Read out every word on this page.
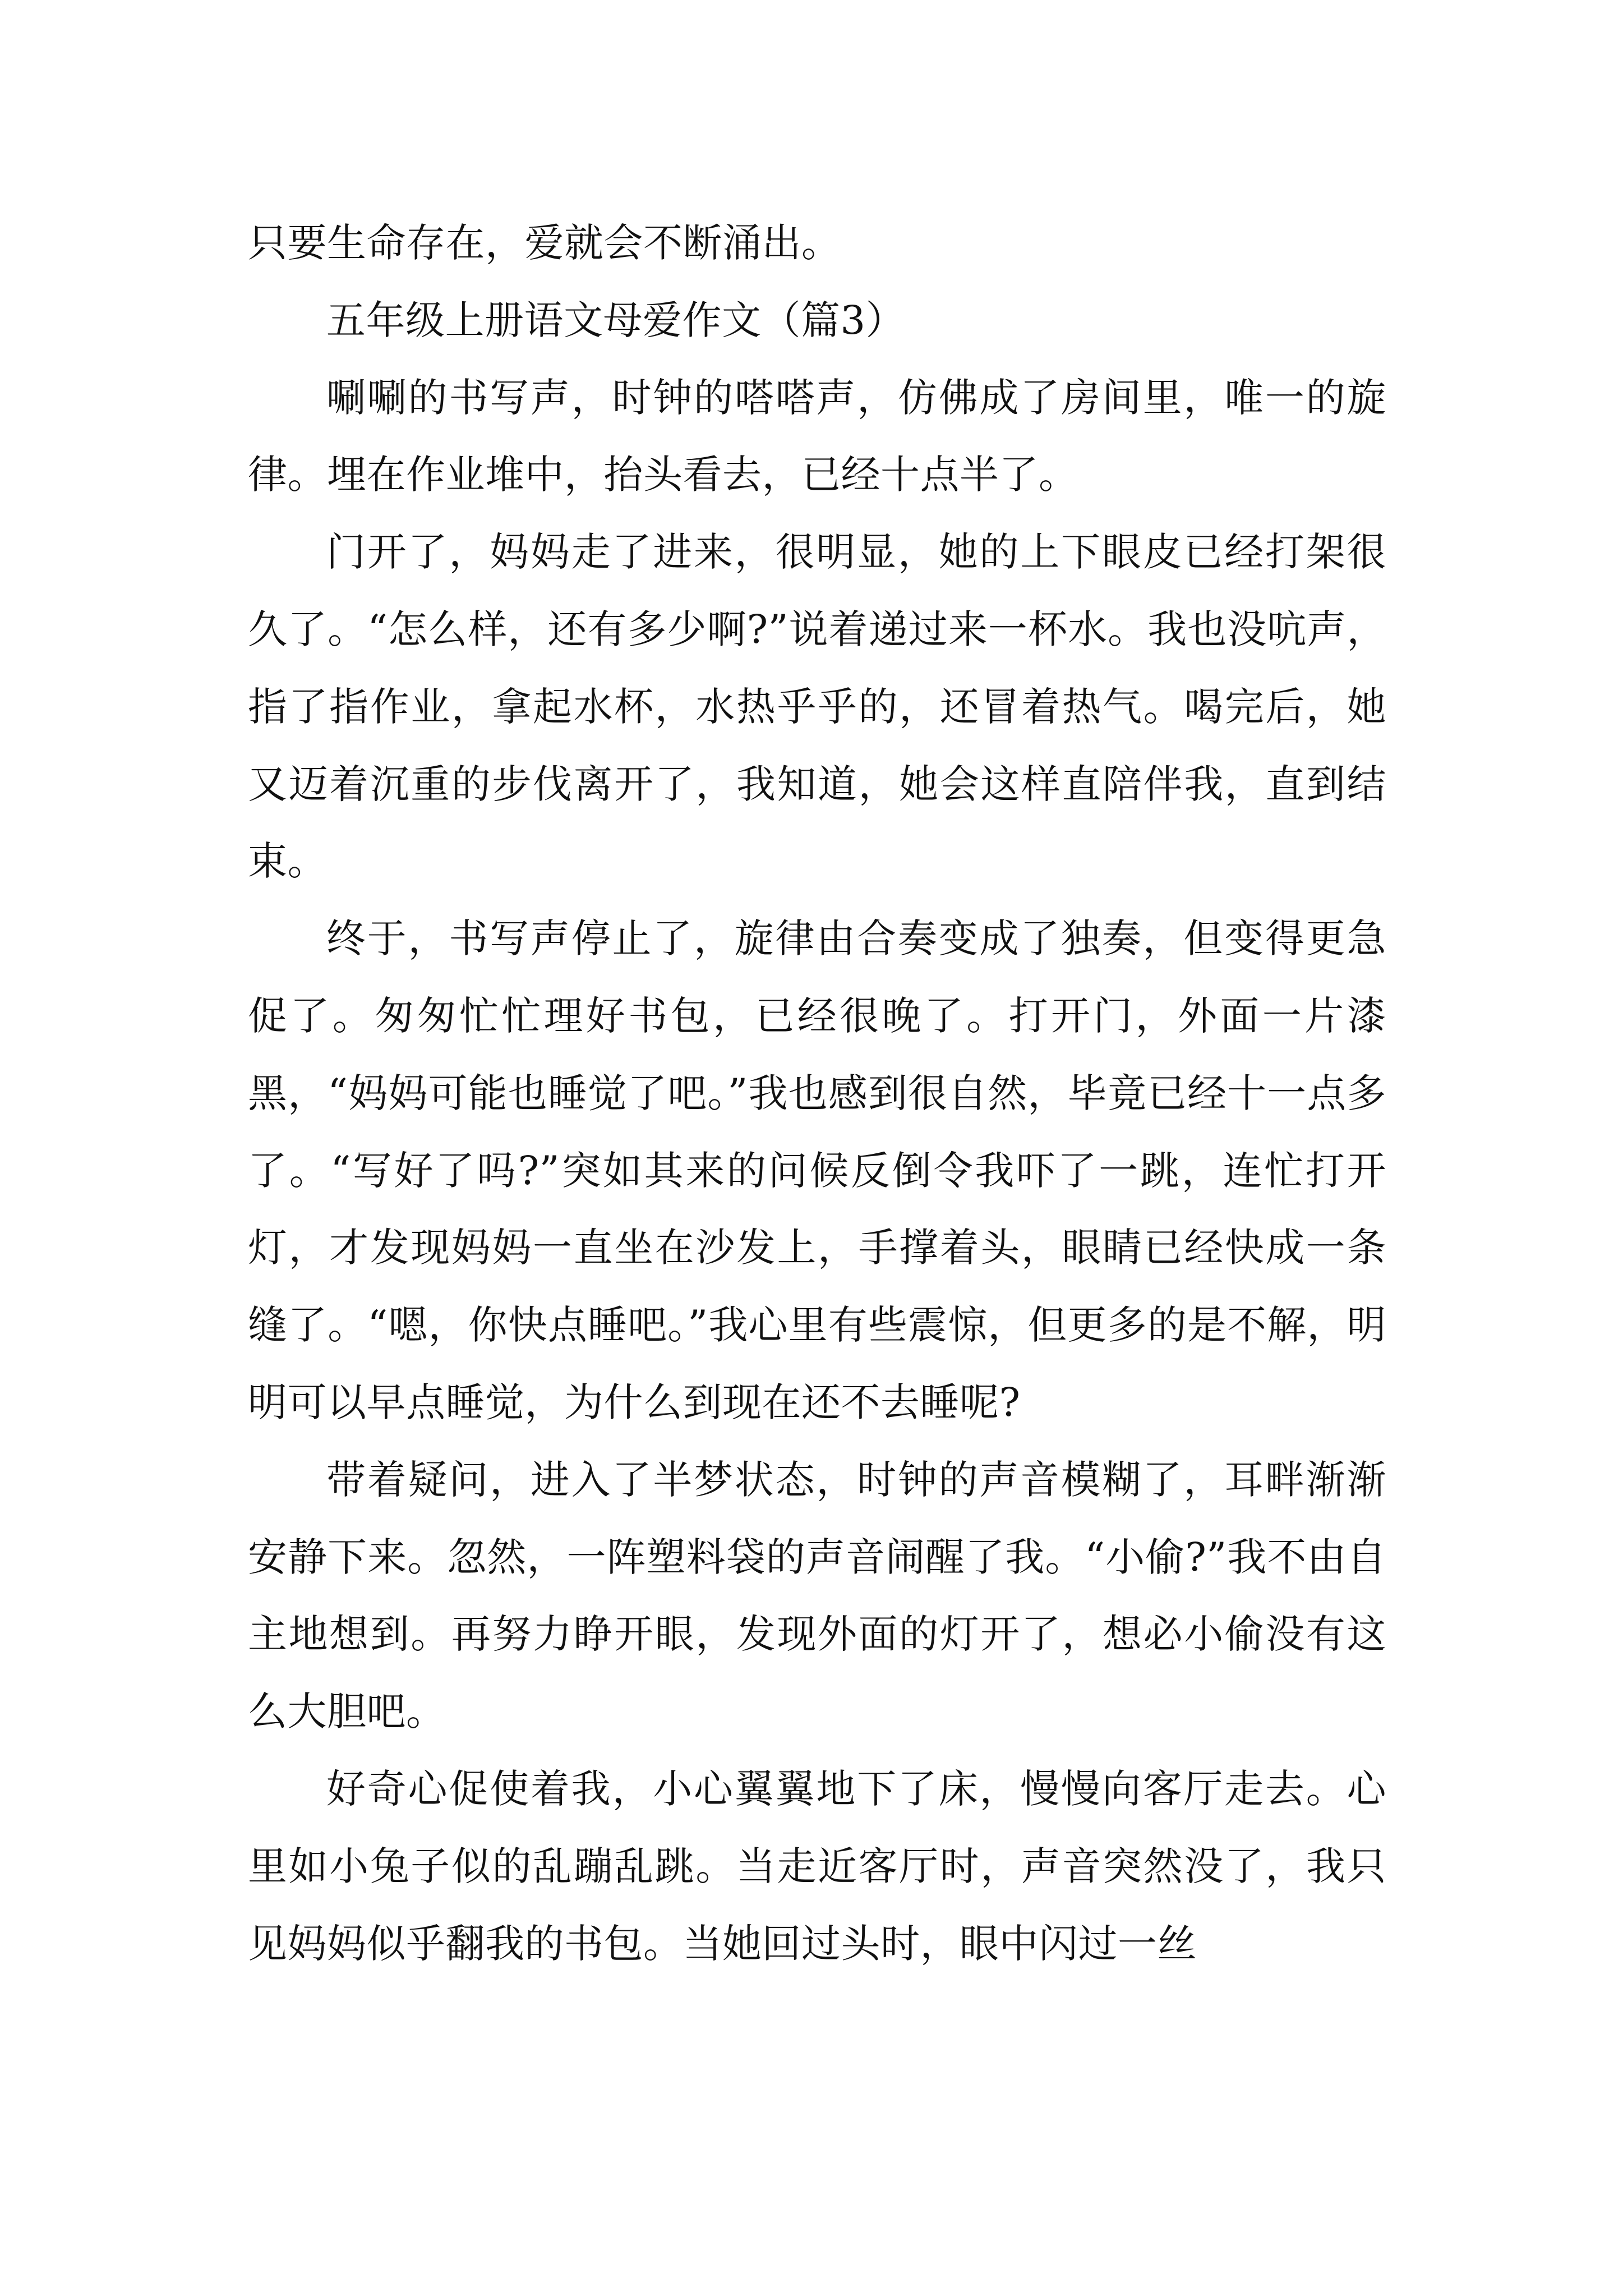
只要生命存在，爱就会不断涌出。

五年级上册语文母爱作文（篇3）

唰唰的书写声，时钟的嗒嗒声，仿佛成了房间里，唯一的旋律。埋在作业堆中，抬头看去，已经十点半了。

门开了，妈妈走了进来，很明显，她的上下眼皮已经打架很久了。“怎么样，还有多少啊?”说着递过来一杯水。我也没吭声，指了指作业，拿起水杯，水热乎乎的，还冒着热气。喝完后，她又迈着沉重的步伐离开了，我知道，她会这样直陪伴我，直到结束。

终于，书写声停止了，旋律由合奏变成了独奏，但变得更急促了。匆匆忙忙理好书包，已经很晚了。打开门，外面一片漆黑，“妈妈可能也睡觉了吧。”我也感到很自然，毕竟已经十一点多了。“写好了吗?”突如其来的问候反倒令我吓了一跳，连忙打开灯，才发现妈妈一直坐在沙发上，手撑着头，眼睛已经快成一条缝了。“嗯，你快点睡吧。”我心里有些震惊，但更多的是不解，明明可以早点睡觉，为什么到现在还不去睡呢?

带着疑问，进入了半梦状态，时钟的声音模糊了，耳畔渐渐安静下来。忽然，一阵塑料袋的声音闹醒了我。“小偷?”我不由自主地想到。再努力睁开眼，发现外面的灯开了，想必小偷没有这么大胆吧。

好奇心促使着我，小心翼翼地下了床，慢慢向客厅走去。心里如小兔子似的乱蹦乱跳。当走近客厅时，声音突然没了，我只见妈妈似乎翻我的书包。当她回过头时，眼中闪过一丝
